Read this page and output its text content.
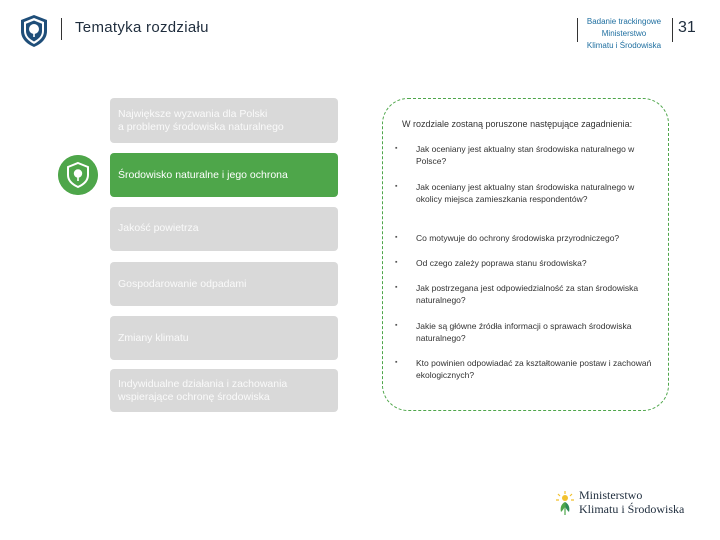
Tematyka rozdziału	Badanie trackingowe
Ministerstwo
Klimatu i Środowiska
31
Największe wyzwania dla Polski
a problemy środowiska naturalnego
Środowisko naturalne i jego ochrona
Jakość powietrza
Gospodarowanie odpadami
Zmiany klimatu
Indywidualne działania i zachowania
wspierające ochronę środowiska
W rozdziale zostaną poruszone następujące zagadnienia:
▪	Jak oceniany jest aktualny stan środowiska naturalnego w Polsce?
▪	Jak oceniany jest aktualny stan środowiska naturalnego w okolicy miejsca zamieszkania respondentów?
▪	Co motywuje do ochrony środowiska przyrodniczego?
▪	Od czego zależy poprawa stanu środowiska?
▪	Jak postrzegana jest odpowiedzialność za stan środowiska naturalnego?
▪	Jakie są główne źródła informacji o sprawach środowiska naturalnego?
▪	Kto powinien odpowiadać za kształtowanie postaw i zachowań ekologicznych?
Ministerstwo
Klimatu i Środowiska
